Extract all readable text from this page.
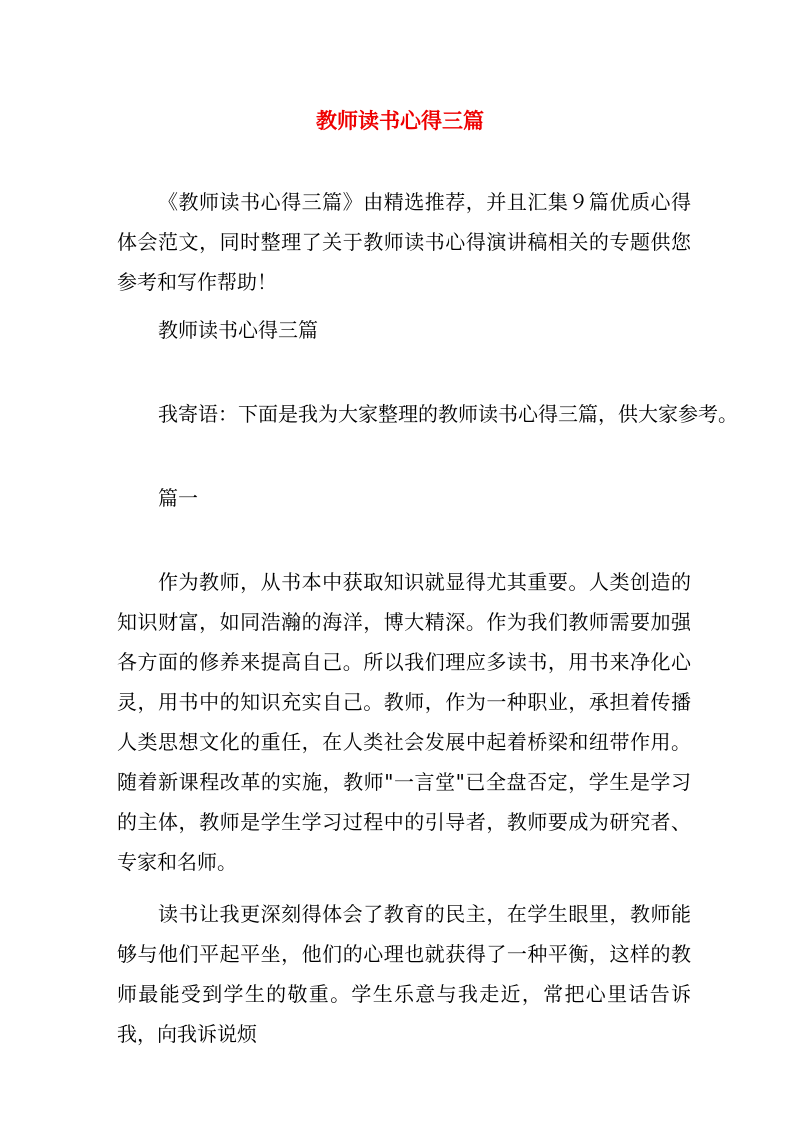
教师读书心得三篇

《教师读书心得三篇》由精选推荐，并且汇集９篇优质心得体会范文，同时整理了关于教师读书心得演讲稿相关的专题供您参考和写作帮助！

教师读书心得三篇

我寄语：下面是我为大家整理的教师读书心得三篇，供大家参考。

篇一

作为教师，从书本中获取知识就显得尤其重要。人类创造的知识财富，如同浩瀚的海洋，博大精深。作为我们教师需要加强各方面的修养来提高自己。所以我们理应多读书，用书来净化心灵，用书中的知识充实自己。教师，作为一种职业，承担着传播人类思想文化的重任，在人类社会发展中起着桥梁和纽带作用。随着新课程改革的实施，教师"一言堂"已全盘否定，学生是学习的主体，教师是学生学习过程中的引导者，教师要成为研究者、专家和名师。

读书让我更深刻得体会了教育的民主，在学生眼里，教师能够与他们平起平坐，他们的心理也就获得了一种平衡，这样的教师最能受到学生的敬重。学生乐意与我走近，常把心里话告诉我，向我诉说烦
